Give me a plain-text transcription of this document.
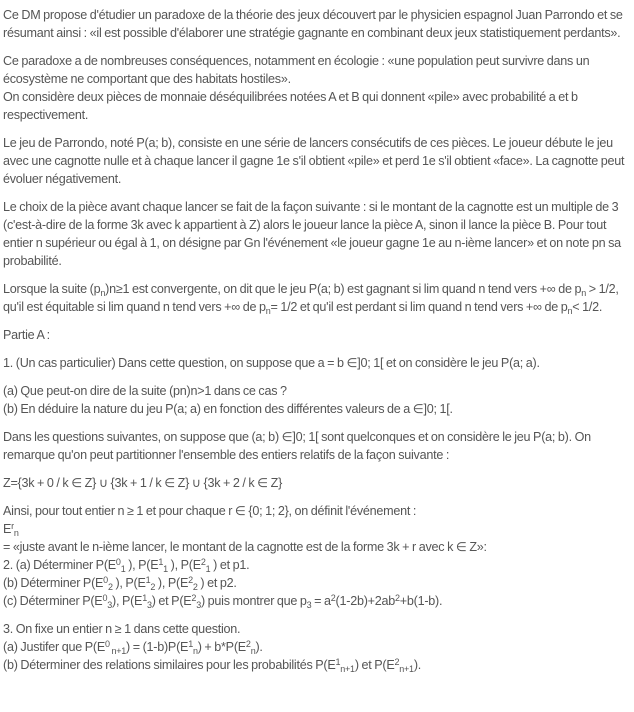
Ce DM propose d'étudier un paradoxe de la théorie des jeux découvert par le physicien espagnol Juan Parrondo et se résumant ainsi : «il est possible d'élaborer une stratégie gagnante en combinant deux jeux statistiquement perdants».

Ce paradoxe a de nombreuses conséquences, notamment en écologie : «une population peut survivre dans un écosystème ne comportant que des habitats hostiles».

On considère deux pièces de monnaie déséquilibrées notées A et B qui donnent «pile» avec probabilité a et b respectivement.

Le jeu de Parrondo, noté P(a; b), consiste en une série de lancers consécutifs de ces pièces. Le joueur débute le jeu avec une cagnotte nulle et à chaque lancer il gagne 1e s'il obtient «pile» et perd 1e s'il obtient «face». La cagnotte peut évoluer négativement.

Le choix de la pièce avant chaque lancer se fait de la façon suivante : si le montant de la cagnotte est un multiple de 3 (c'est-à-dire de la forme 3k avec k appartient à Z) alors le joueur lance la pièce A, sinon il lance la pièce B. Pour tout entier n supérieur ou égal à 1, on désigne par Gn l'événement «le joueur gagne 1e au n-ième lancer» et on note pn sa probabilité.

Lorsque la suite $(p_n)n\ge 1$ est convergente, on dit que le jeu P(a; b) est gagnant si lim quand n tend vers +∞ de $p_n > 1/2$, qu'il est équitable si lim quand n tend vers +∞ de $p_n= 1/2$ et qu'il est perdant si lim quand n tend vers +∞ de $p_n< 1/2$.

Partie A :

1. (Un cas particulier) Dans cette question, on suppose que a = b ∈]0; 1[ et on considère le jeu P(a; a).

(a) Que peut-on dire de la suite (pn)n>1 dans ce cas ?

(b) En déduire la nature du jeu P(a; a) en fonction des différentes valeurs de a ∈]0; 1[.

Dans les questions suivantes, on suppose que (a; b) ∈]0; 1[ sont quelconques et on considère le jeu P(a; b). On remarque qu'on peut partitionner l'ensemble des entiers relatifs de la façon suivante :

Z={3k + 0 / k ∈ Z} ∪ {3k + 1 / k ∈ Z} ∪ {3k + 2 / k ∈ Z}

Ainsi, pour tout entier n ≥ 1 et pour chaque r ∈ {0; 1; 2}, on définit l'événement :

$E^r_n$

= «juste avant le n-ième lancer, le montant de la cagnotte est de la forme 3k + r avec k ∈ Z»:

2. (a) Déterminer $P(E^0_1$ ), $P(E^1_1$ ), $P(E^2_1$ ) et p1.

(b) Déterminer $P(E^0_2$ ), $P(E^1_2$ ), $P(E^2_2$ ) et p2.

(c) Déterminer $P(E^0_3)$, $P(E^1_3)$ et $P(E^2_3)$ puis montrer que $p_3 = a^2(1-2b)+2ab^2+b(1-b)$.

3. On fixe un entier n ≥ 1 dans cette question.

(a) Justifer que $P(E^0$ $_{n+1}) = (1-b)P(E^1_n) + b*P(E^2_n)$.

(b) Déterminer des relations similaires pour les probabilités $P(E^1_{n+1})$ et $P(E^2_{n+1})$.
